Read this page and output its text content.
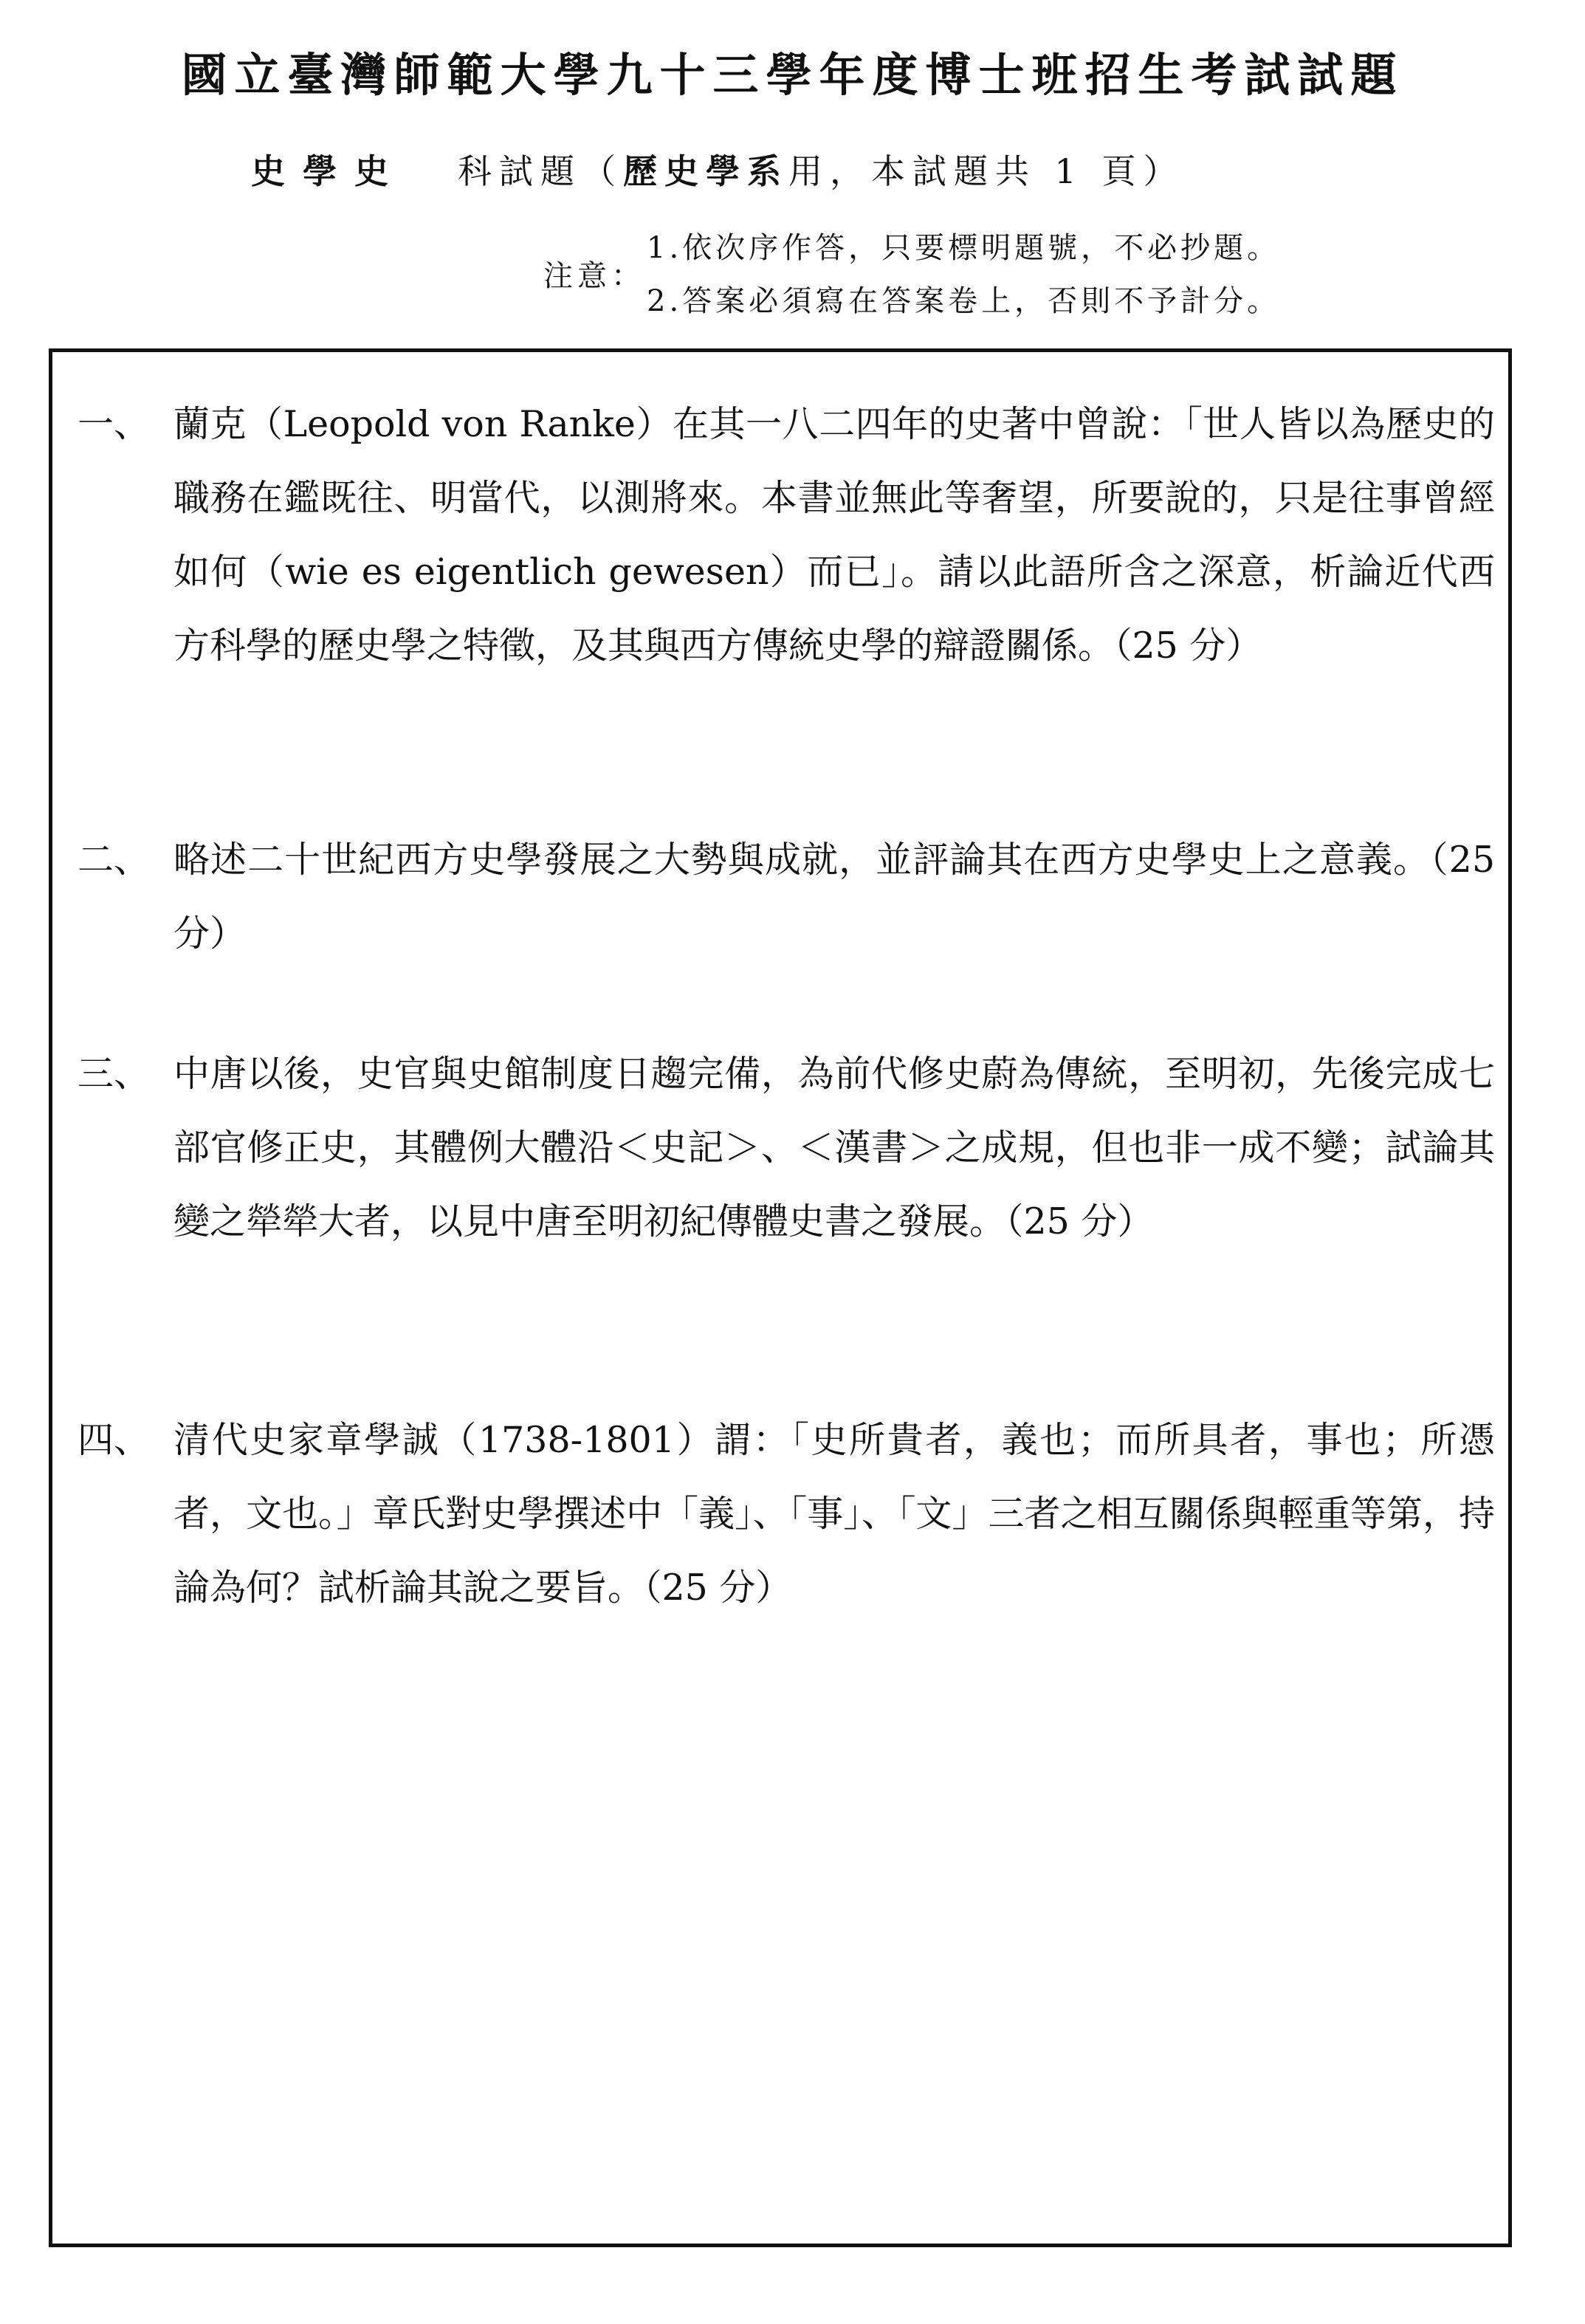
國立臺灣師範大學九十三學年度博士班招生考試試題
史學史 科試題（歷史學系用，本試題共 1 頁）
注意：
1.依次序作答，只要標明題號，不必抄題。
2.答案必須寫在答案卷上，否則不予計分。
一、 蘭克（Leopold von Ranke）在其一八二四年的史著中曾說：「世人皆以為歷史的職務在鑑既往、明當代，以測將來。本書並無此等奢望，所要說的，只是往事曾經如何（wie es eigentlich gewesen）而已」。請以此語所含之深意，析論近代西方科學的歷史學之特徵，及其與西方傳統史學的辯證關係。（25 分）
二、 略述二十世紀西方史學發展之大勢與成就，並評論其在西方史學史上之意義。（25 分）
三、 中唐以後，史官與史館制度日趨完備，為前代修史蔚為傳統，至明初，先後完成七部官修正史，其體例大體沿＜史記＞、＜漢書＞之成規，但也非一成不變；試論其變之犖犖大者，以見中唐至明初紀傳體史書之發展。（25 分）
四、 清代史家章學誠（1738-1801）謂：「史所貴者，義也；而所具者，事也；所憑者，文也。」章氏對史學撰述中「義」、「事」、「文」三者之相互關係與輕重等第，持論為何？試析論其說之要旨。（25 分）
